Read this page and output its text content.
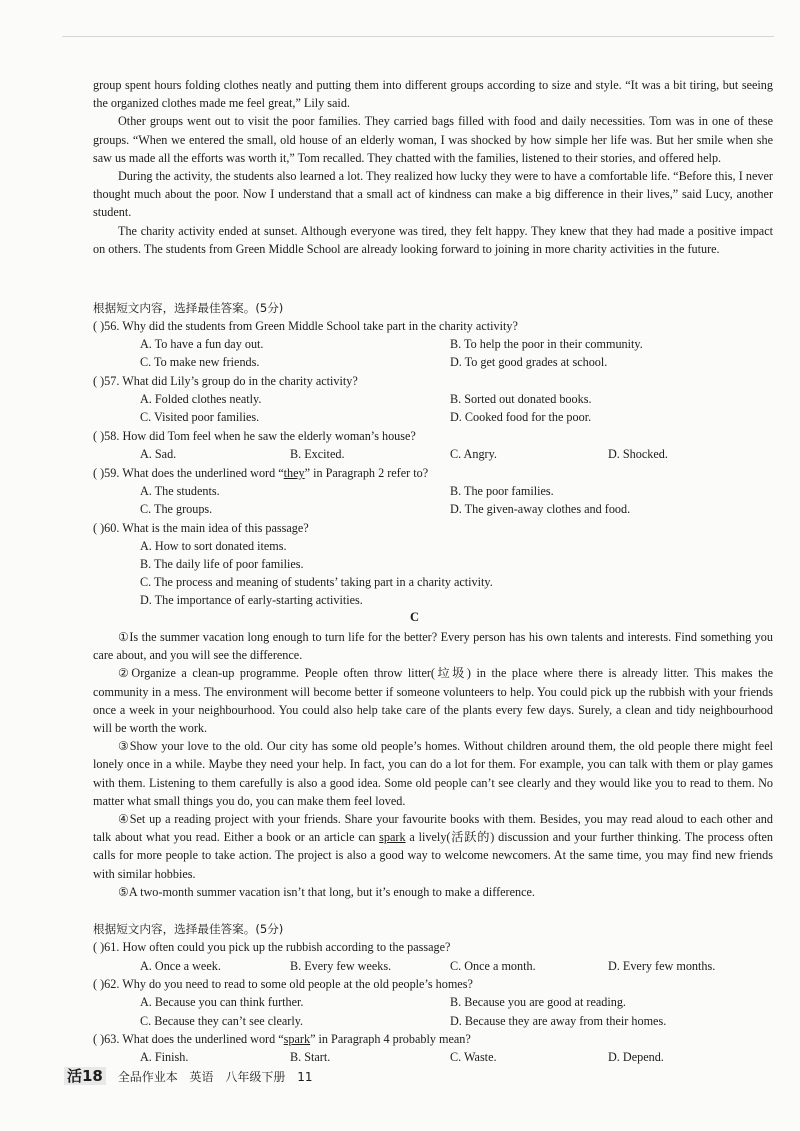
group spent hours folding clothes neatly and putting them into different groups according to size and style. “It was a bit tiring, but seeing the organized clothes made me feel great,” Lily said.

Other groups went out to visit the poor families. They carried bags filled with food and daily necessities. Tom was in one of these groups. “When we entered the small, old house of an elderly woman, I was shocked by how simple her life was. But her smile when she saw us made all the efforts was worth it,” Tom recalled. They chatted with the families, listened to their stories, and offered help.

During the activity, the students also learned a lot. They realized how lucky they were to have a comfortable life. “Before this, I never thought much about the poor. Now I understand that a small act of kindness can make a big difference in their lives,” said Lucy, another student.

The charity activity ended at sunset. Although everyone was tired, they felt happy. They knew that they had made a positive impact on others. The students from Green Middle School are already looking forward to joining in more charity activities in the future.

根据短文内容，选择最佳答案。(5分)
( )56. Why did the students from Green Middle School take part in the charity activity?
A. To have a fun day out.	B. To help the poor in their community.
C. To make new friends.	D. To get good grades at school.
( )57. What did Lily’s group do in the charity activity?
A. Folded clothes neatly.	B. Sorted out donated books.
C. Visited poor families.	D. Cooked food for the poor.
( )58. How did Tom feel when he saw the elderly woman’s house?
A. Sad.	B. Excited.	C. Angry.	D. Shocked.
( )59. What does the underlined word “they” in Paragraph 2 refer to?
A. The students.	B. The poor families.
C. The groups.	D. The given-away clothes and food.
( )60. What is the main idea of this passage?
A. How to sort donated items.
B. The daily life of poor families.
C. The process and meaning of students’ taking part in a charity activity.
D. The importance of early-starting activities.
C

①Is the summer vacation long enough to turn life for the better? Every person has his own talents and interests. Find something you care about, and you will see the difference.

②Organize a clean-up programme. People often throw litter(垃圾) in the place where there is already litter. This makes the community in a mess. The environment will become better if someone volunteers to help. You could pick up the rubbish with your friends once a week in your neighbourhood. You could also help take care of the plants every few days. Surely, a clean and tidy neighbourhood will be worth the work.

③Show your love to the old. Our city has some old people’s homes. Without children around them, the old people there might feel lonely once in a while. Maybe they need your help. In fact, you can do a lot for them. For example, you can talk with them or play games with them. Listening to them carefully is also a good idea. Some old people can’t see clearly and they would like you to read to them. No matter what small things you do, you can make them feel loved.

④Set up a reading project with your friends. Share your favourite books with them. Besides, you may read aloud to each other and talk about what you read. Either a book or an article can spark a lively(活跃的) discussion and your further thinking. The process often calls for more people to take action. The project is also a good way to welcome newcomers. At the same time, you may find new friends with similar hobbies.

⑤A two-month summer vacation isn’t that long, but it’s enough to make a difference.

根据短文内容，选择最佳答案。(5分)
( )61. How often could you pick up the rubbish according to the passage?
A. Once a week.	B. Every few weeks.	C. Once a month.	D. Every few months.
( )62. Why do you need to read to some old people at the old people’s homes?
A. Because you can think further.	B. Because you are good at reading.
C. Because they can’t see clearly.	D. Because they are away from their homes.
( )63. What does the underlined word “spark” in Paragraph 4 probably mean?
A. Finish.	B. Start.	C. Waste.	D. Depend.
活18 全品作业本 英语 八年级下册 11
